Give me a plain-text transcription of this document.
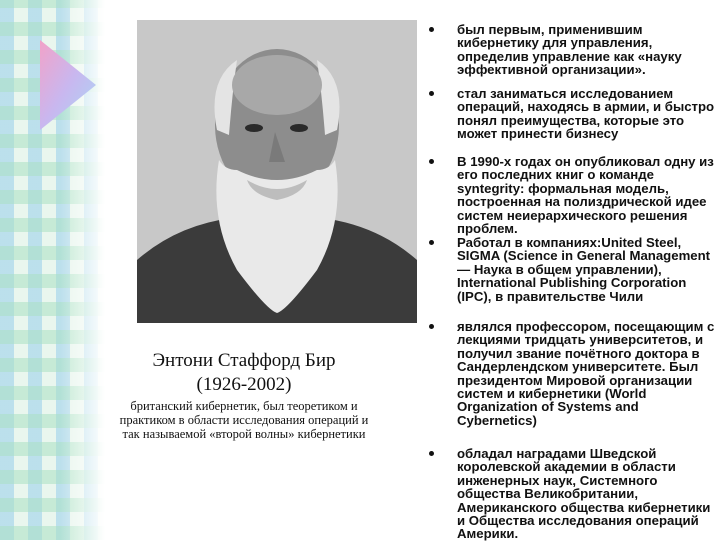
Энтони Стаффорд Бир
(1926-2002)
британский кибернетик, был теоретиком и практиком в области исследования операций и так называемой «второй волны» кибернетики
был первым, применившим кибернетику для управления, определив управление как «науку эффективной организации».
стал заниматься исследованием операций, находясь в армии, и быстро понял преимущества, которые это может принести бизнесу
В 1990-х годах он опубликовал одну из его последних книг о команде syntegrity: формальная модель, построенная на полиздрической идее систем неиерархического решения проблем.
Работал в компаниях:United Steel, SIGMA (Science in General Management — Наука в общем управлении), International Publishing Corporation (IPC), в правительстве Чили
являлся профессором, посещающим с лекциями тридцать университетов, и получил звание почётного доктора в Сандерлендском университете. Был президентом Мировой организации систем и кибернетики (World Organization of Systems and Cybernetics)
обладал наградами Шведской королевской академии в области инженерных наук, Системного общества Великобритании, Американского общества кибернетики и Общества исследования операций Америки.
